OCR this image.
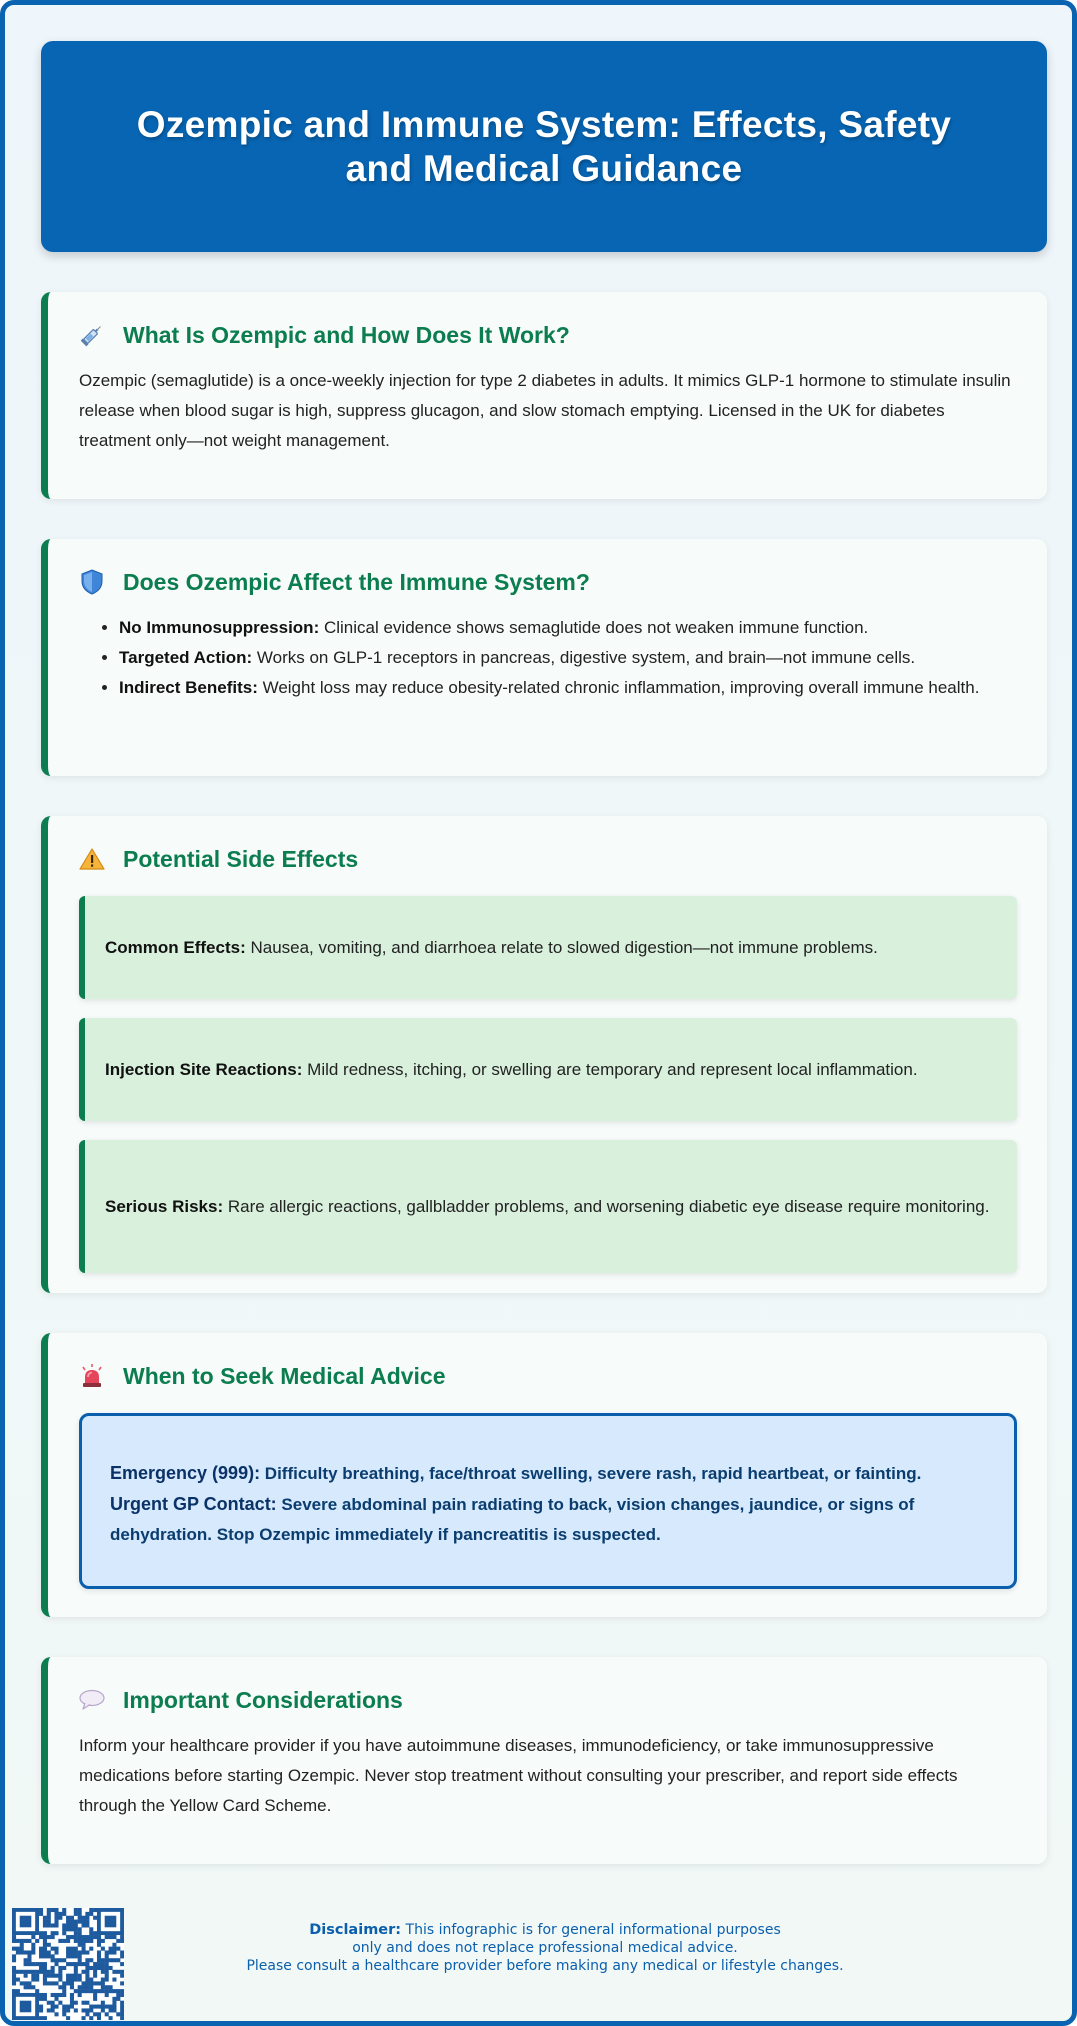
Ozempic and Immune System: Effects, Safety and Medical Guidance
What Is Ozempic and How Does It Work?

Ozempic (semaglutide) is a once-weekly injection for type 2 diabetes in adults. It mimics GLP-1 hormone to stimulate insulin release when blood sugar is high, suppress glucagon, and slow stomach emptying. Licensed in the UK for diabetes treatment only—not weight management.

Does Ozempic Affect the Immune System?
• No Immunosuppression: Clinical evidence shows semaglutide does not weaken immune function.
• Targeted Action: Works on GLP-1 receptors in pancreas, digestive system, and brain—not immune cells.
• Indirect Benefits: Weight loss may reduce obesity-related chronic inflammation, improving overall immune health.
Potential Side Effects
Common Effects: Nausea, vomiting, and diarrhoea relate to slowed digestion—not immune problems.
Injection Site Reactions: Mild redness, itching, or swelling are temporary and represent local inflammation.
Serious Risks: Rare allergic reactions, gallbladder problems, and worsening diabetic eye disease require monitoring.
When to Seek Medical Advice
Emergency (999): Difficulty breathing, face/throat swelling, severe rash, rapid heartbeat, or fainting.
Urgent GP Contact: Severe abdominal pain radiating to back, vision changes, jaundice, or signs of dehydration. Stop Ozempic immediately if pancreatitis is suspected.
Important Considerations

Inform your healthcare provider if you have autoimmune diseases, immunodeficiency, or take immunosuppressive medications before starting Ozempic. Never stop treatment without consulting your prescriber, and report side effects through the Yellow Card Scheme.

Disclaimer: This infographic is for general informational purposes
only and does not replace professional medical advice.
Please consult a healthcare provider before making any medical or lifestyle changes.
